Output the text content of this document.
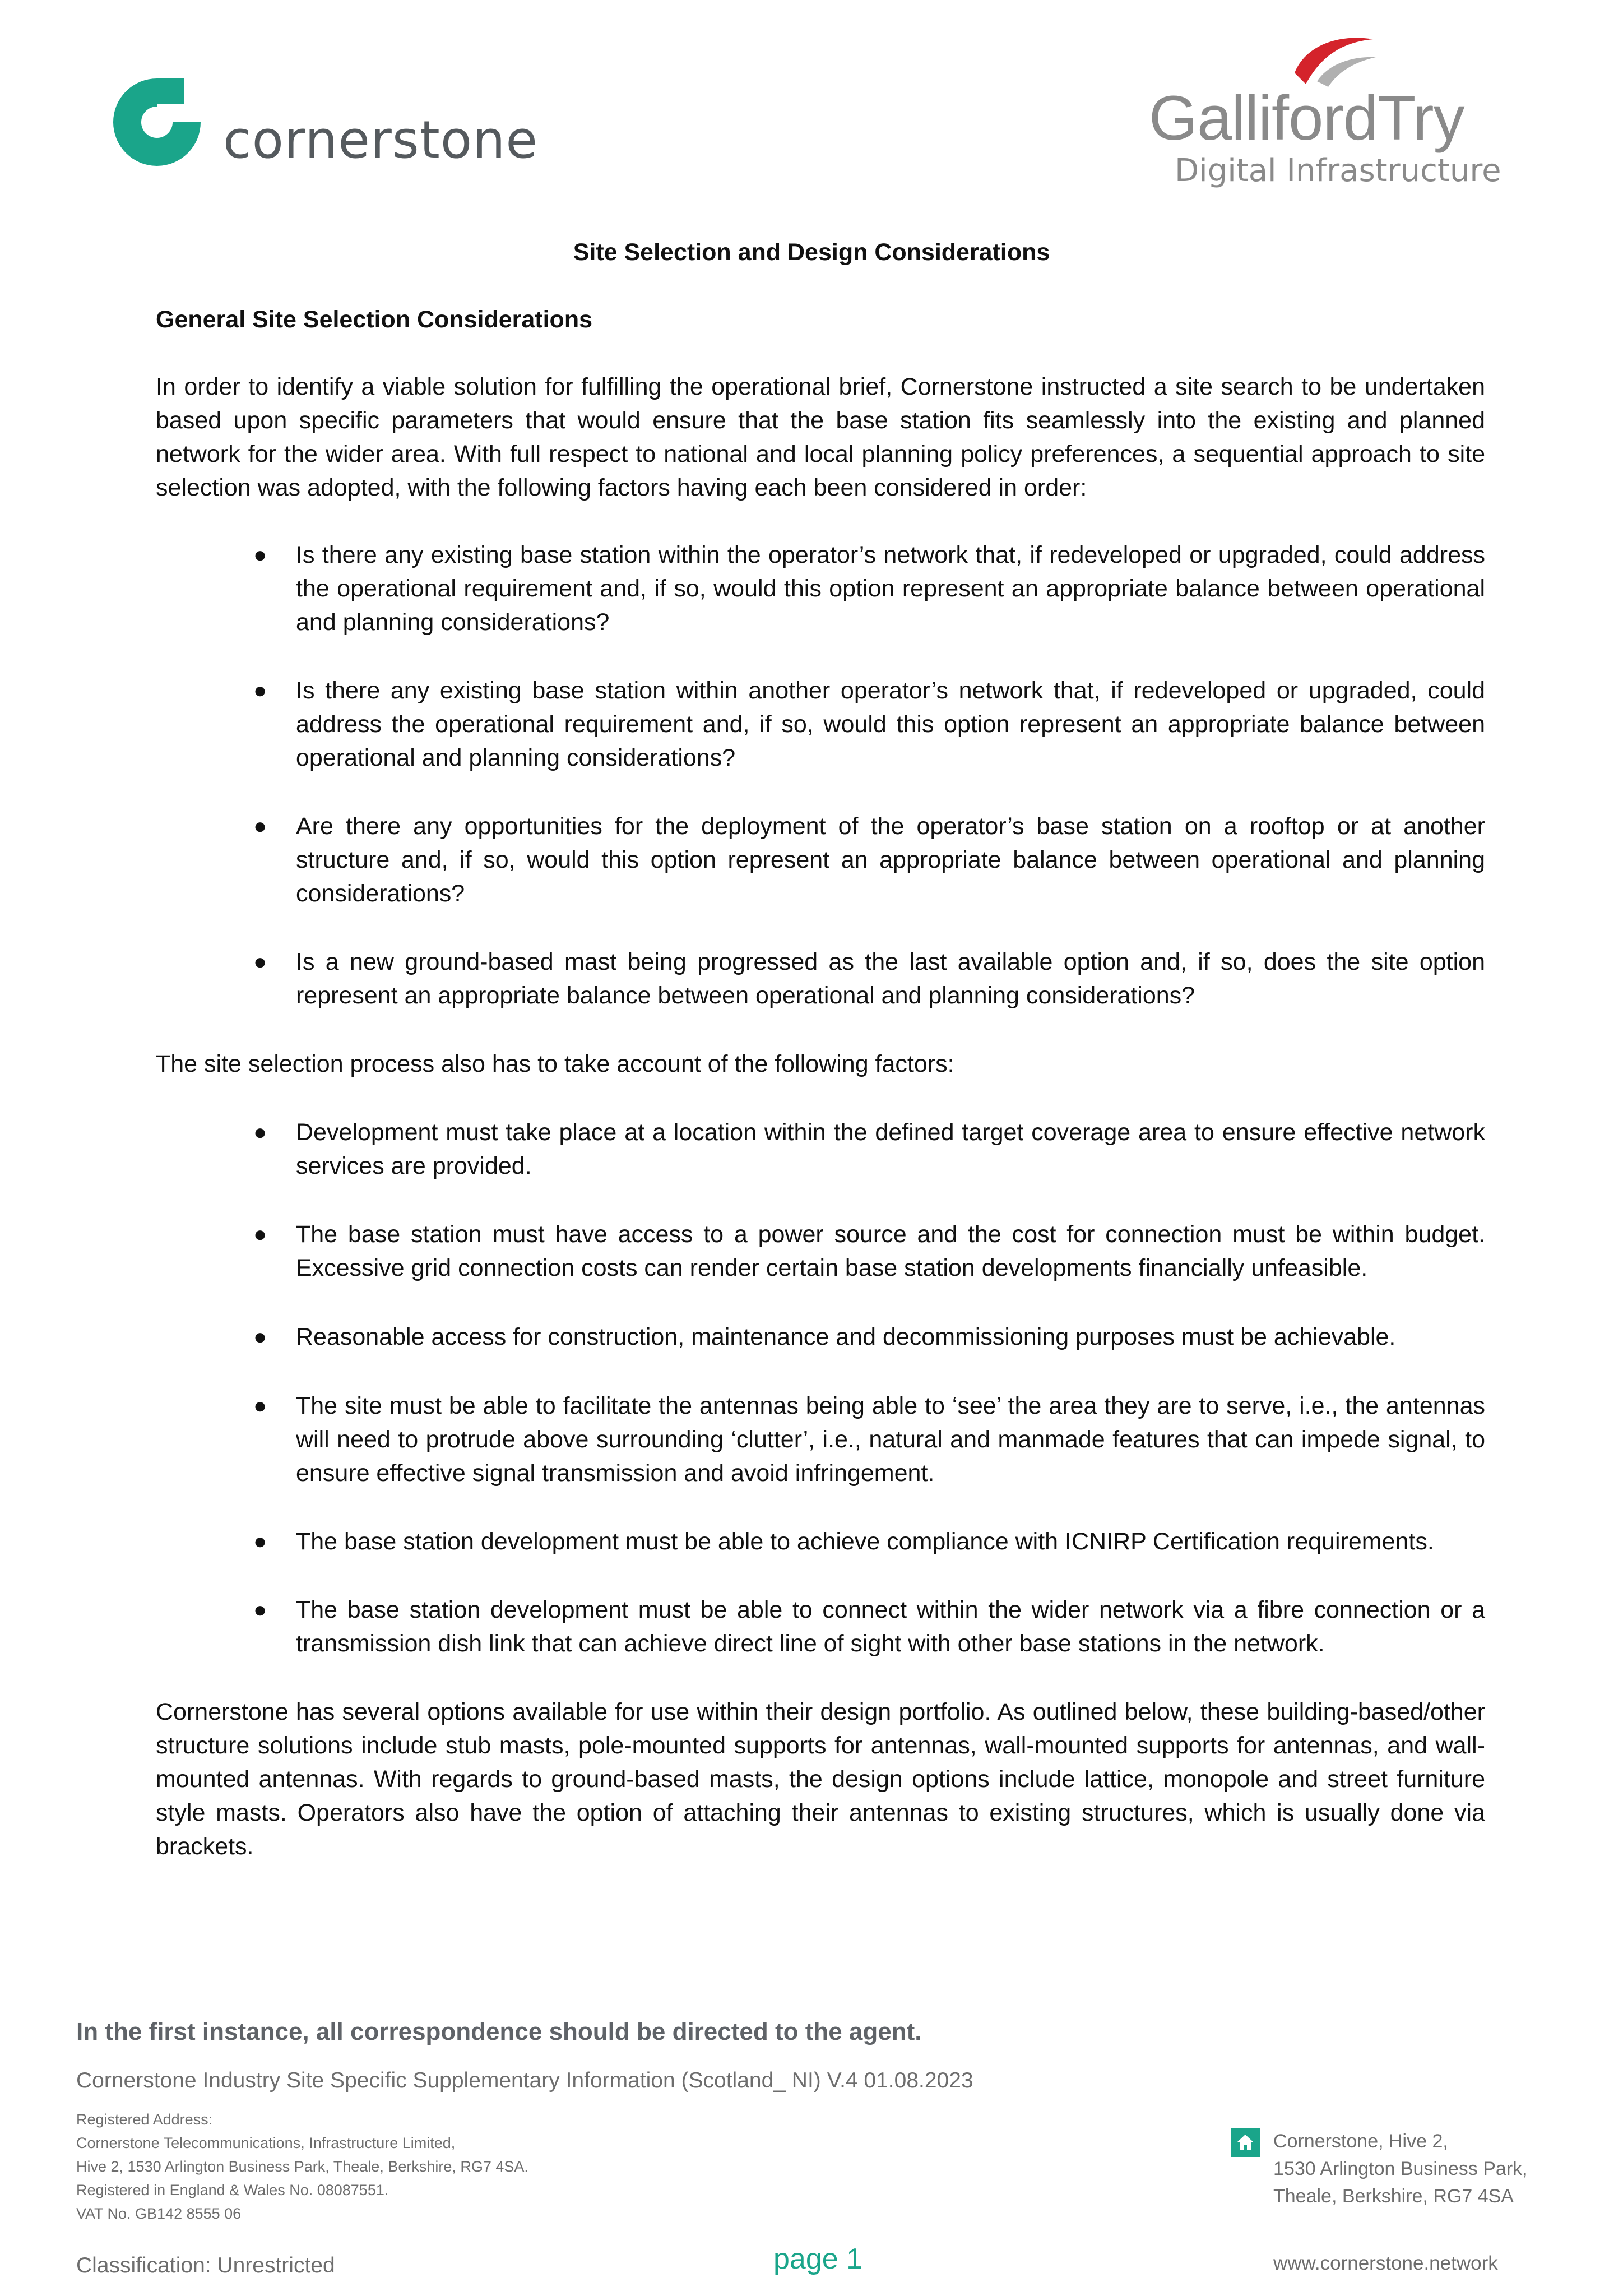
cornerstone	GallifordTry
Digital Infrastructure
Site Selection and Design Considerations
General Site Selection Considerations
In order to identify a viable solution for fulfilling the operational brief, Cornerstone instructed a site search to be undertaken based upon specific parameters that would ensure that the base station fits seamlessly into the existing and planned network for the wider area. With full respect to national and local planning policy preferences, a sequential approach to site selection was adopted, with the following factors having each been considered in order:
● Is there any existing base station within the operator’s network that, if redeveloped or upgraded, could address the operational requirement and, if so, would this option represent an appropriate balance between operational and planning considerations?
● Is there any existing base station within another operator’s network that, if redeveloped or upgraded, could address the operational requirement and, if so, would this option represent an appropriate balance between operational and planning considerations?
● Are there any opportunities for the deployment of the operator’s base station on a rooftop or at another structure and, if so, would this option represent an appropriate balance between operational and planning considerations?
● Is a new ground-based mast being progressed as the last available option and, if so, does the site option represent an appropriate balance between operational and planning considerations?
The site selection process also has to take account of the following factors:
● Development must take place at a location within the defined target coverage area to ensure effective network services are provided.
● The base station must have access to a power source and the cost for connection must be within budget. Excessive grid connection costs can render certain base station developments financially unfeasible.
● Reasonable access for construction, maintenance and decommissioning purposes must be achievable.
● The site must be able to facilitate the antennas being able to ‘see’ the area they are to serve, i.e., the antennas will need to protrude above surrounding ‘clutter’, i.e., natural and manmade features that can impede signal, to ensure effective signal transmission and avoid infringement.
● The base station development must be able to achieve compliance with ICNIRP Certification requirements.
● The base station development must be able to connect within the wider network via a fibre connection or a transmission dish link that can achieve direct line of sight with other base stations in the network.
Cornerstone has several options available for use within their design portfolio. As outlined below, these building-based/other structure solutions include stub masts, pole-mounted supports for antennas, wall-mounted supports for antennas, and wall-mounted antennas. With regards to ground-based masts, the design options include lattice, monopole and street furniture style masts. Operators also have the option of attaching their antennas to existing structures, which is usually done via brackets.
In the first instance, all correspondence should be directed to the agent.
Cornerstone Industry Site Specific Supplementary Information (Scotland_ NI) V.4 01.08.2023
Registered Address:
Cornerstone Telecommunications, Infrastructure Limited,
Hive 2, 1530 Arlington Business Park, Theale, Berkshire, RG7 4SA.
Registered in England & Wales No. 08087551.
VAT No. GB142 8555 06
Cornerstone, Hive 2,
1530 Arlington Business Park,
Theale, Berkshire, RG7 4SA
Classification: Unrestricted	page 1	www.cornerstone.network
